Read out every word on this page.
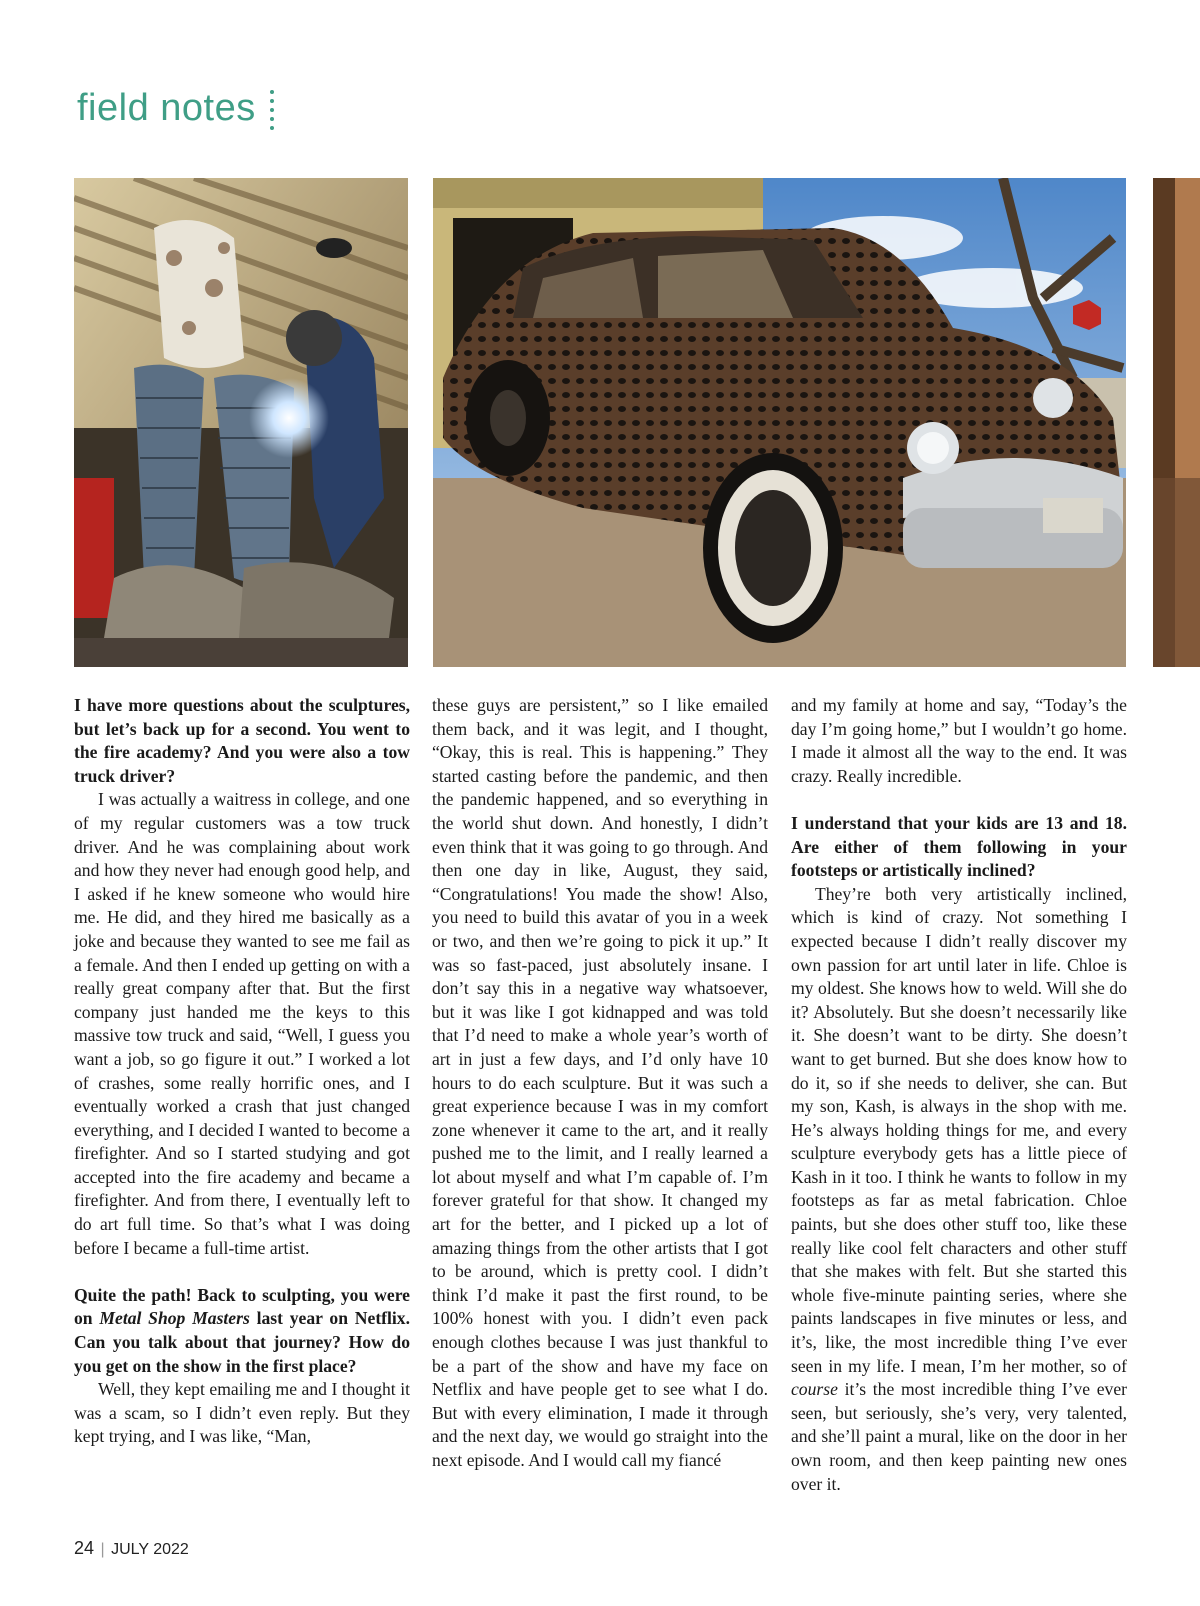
field notes

I have more questions about the sculptures, but let’s back up for a second. You went to the fire academy? And you were also a tow truck driver?

I was actually a waitress in college, and one of my regular customers was a tow truck driver. And he was complaining about work and how they never had enough good help, and I asked if he knew someone who would hire me. He did, and they hired me basically as a joke and because they wanted to see me fail as a female. And then I ended up getting on with a really great company after that. But the first company just handed me the keys to this massive tow truck and said, “Well, I guess you want a job, so go figure it out.” I worked a lot of crashes, some really horrific ones, and I eventually worked a crash that just changed everything, and I decided I wanted to become a firefighter. And so I started studying and got accepted into the fire academy and became a firefighter. And from there, I eventually left to do art full time. So that’s what I was doing before I became a full-time artist.

Quite the path! Back to sculpting, you were on Metal Shop Masters last year on Netflix. Can you talk about that journey? How do you get on the show in the first place?

Well, they kept emailing me and I thought it was a scam, so I didn’t even reply. But they kept trying, and I was like, “Man,

these guys are persistent,” so I like emailed them back, and it was legit, and I thought, “Okay, this is real. This is happening.” They started casting before the pandemic, and then the pandemic happened, and so everything in the world shut down. And honestly, I didn’t even think that it was going to go through. And then one day in like, August, they said, “Congratulations! You made the show! Also, you need to build this avatar of you in a week or two, and then we’re going to pick it up.” It was so fast-paced, just absolutely insane. I don’t say this in a negative way whatsoever, but it was like I got kidnapped and was told that I’d need to make a whole year’s worth of art in just a few days, and I’d only have 10 hours to do each sculpture. But it was such a great experience because I was in my comfort zone whenever it came to the art, and it really pushed me to the limit, and I really learned a lot about myself and what I’m capable of. I’m forever grateful for that show. It changed my art for the better, and I picked up a lot of amazing things from the other artists that I got to be around, which is pretty cool. I didn’t think I’d make it past the first round, to be 100% honest with you. I didn’t even pack enough clothes because I was just thankful to be a part of the show and have my face on Netflix and have people get to see what I do. But with every elimination, I made it through and the next day, we would go straight into the next episode. And I would call my fiancé

and my family at home and say, “Today’s the day I’m going home,” but I wouldn’t go home. I made it almost all the way to the end. It was crazy. Really incredible.

I understand that your kids are 13 and 18. Are either of them following in your footsteps or artistically inclined?

They’re both very artistically inclined, which is kind of crazy. Not something I expected because I didn’t really discover my own passion for art until later in life. Chloe is my oldest. She knows how to weld. Will she do it? Absolutely. But she doesn’t necessarily like it. She doesn’t want to be dirty. She doesn’t want to get burned. But she does know how to do it, so if she needs to deliver, she can. But my son, Kash, is always in the shop with me. He’s always holding things for me, and every sculpture everybody gets has a little piece of Kash in it too. I think he wants to follow in my footsteps as far as metal fabrication. Chloe paints, but she does other stuff too, like these really like cool felt characters and other stuff that she makes with felt. But she started this whole five-minute painting series, where she paints landscapes in five minutes or less, and it’s, like, the most incredible thing I’ve ever seen in my life. I mean, I’m her mother, so of course it’s the most incredible thing I’ve ever seen, but seriously, she’s very, very talented, and she’ll paint a mural, like on the door in her own room, and then keep painting new ones over it.

24 | JULY 2022
